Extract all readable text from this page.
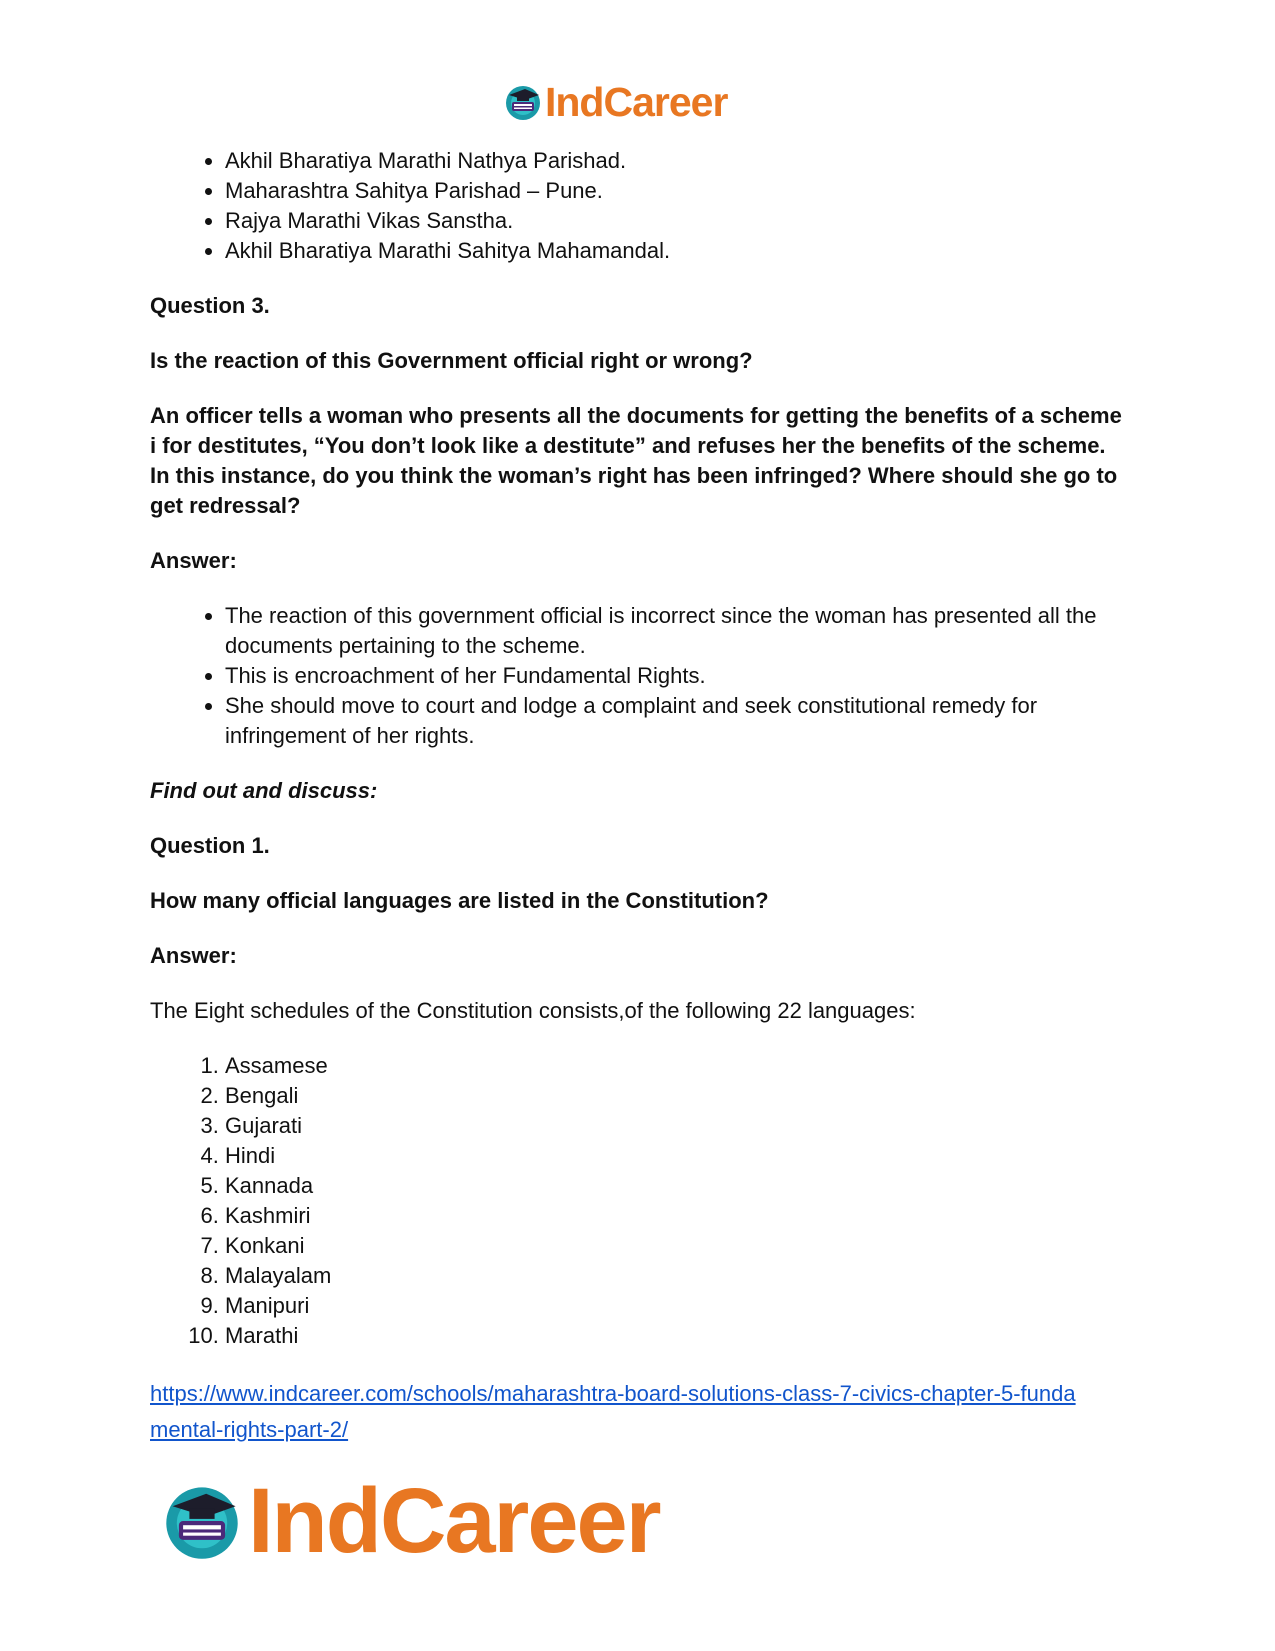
IndCareer
• Akhil Bharatiya Marathi Nathya Parishad.
• Maharashtra Sahitya Parishad – Pune.
• Rajya Marathi Vikas Sanstha.
• Akhil Bharatiya Marathi Sahitya Mahamandal.

Question 3.

Is the reaction of this Government official right or wrong?

An officer tells a woman who presents all the documents for getting the benefits of a scheme i for destitutes, “You don’t look like a destitute” and refuses her the benefits of the scheme. In this instance, do you think the woman’s right has been infringed? Where should she go to get redressal?

Answer:

• The reaction of this government official is incorrect since the woman has presented all the documents pertaining to the scheme.
• This is encroachment of her Fundamental Rights.
• She should move to court and lodge a complaint and seek constitutional remedy for infringement of her rights.

Find out and discuss:

Question 1.

How many official languages are listed in the Constitution?

Answer:

The Eight schedules of the Constitution consists,of the following 22 languages:

1. Assamese
2. Bengali
3. Gujarati
4. Hindi
5. Kannada
6. Kashmiri
7. Konkani
8. Malayalam
9. Manipuri
10. Marathi
https://www.indcareer.com/schools/maharashtra-board-solutions-class-7-civics-chapter-5-funda
mental-rights-part-2/
IndCareer
